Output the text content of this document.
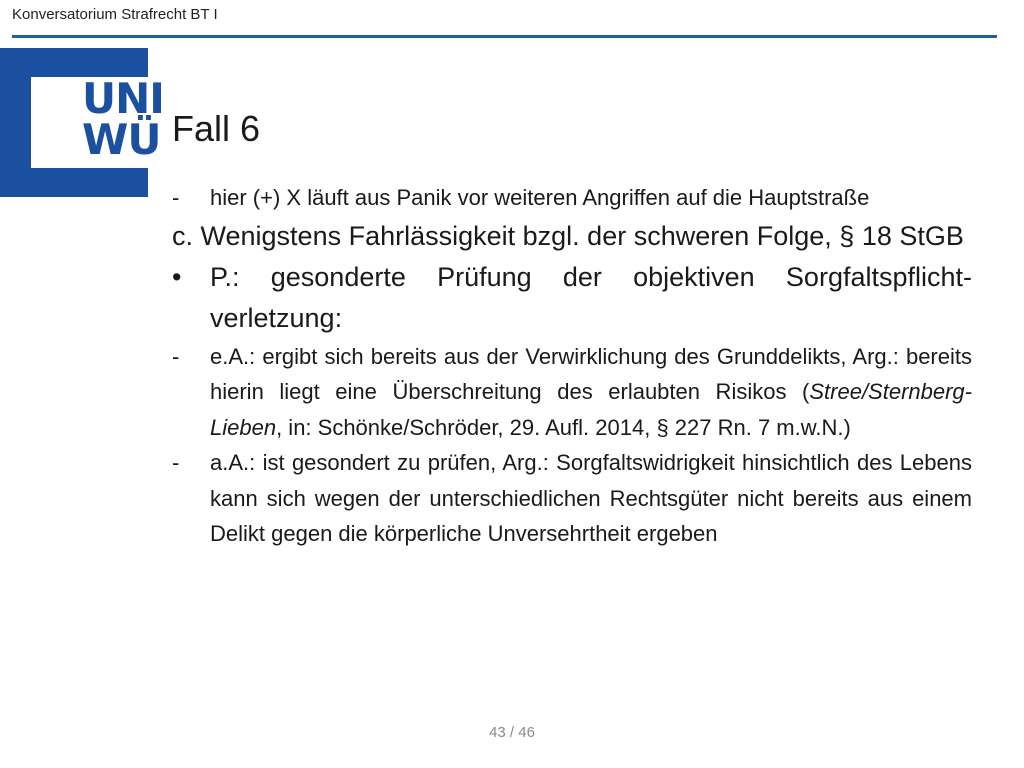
Konversatorium Strafrecht BT I
UNI
WÜ Fall 6
- hier (+) X läuft aus Panik vor weiteren Angriffen auf die Hauptstraße
c. Wenigstens Fahrlässigkeit bzgl. der schweren Folge, § 18 StGB
• P.: gesonderte Prüfung der objektiven Sorgfaltspflicht-verletzung:
- e.A.: ergibt sich bereits aus der Verwirklichung des Grunddelikts, Arg.: bereits hierin liegt eine Überschreitung des erlaubten Risikos (Stree/Sternberg-Lieben, in: Schönke/Schröder, 29. Aufl. 2014, § 227 Rn. 7 m.w.N.)
- a.A.: ist gesondert zu prüfen, Arg.: Sorgfaltswidrigkeit hinsichtlich des Lebens kann sich wegen der unterschiedlichen Rechtsgüter nicht bereits aus einem Delikt gegen die körperliche Unversehrtheit ergeben
43 / 46
